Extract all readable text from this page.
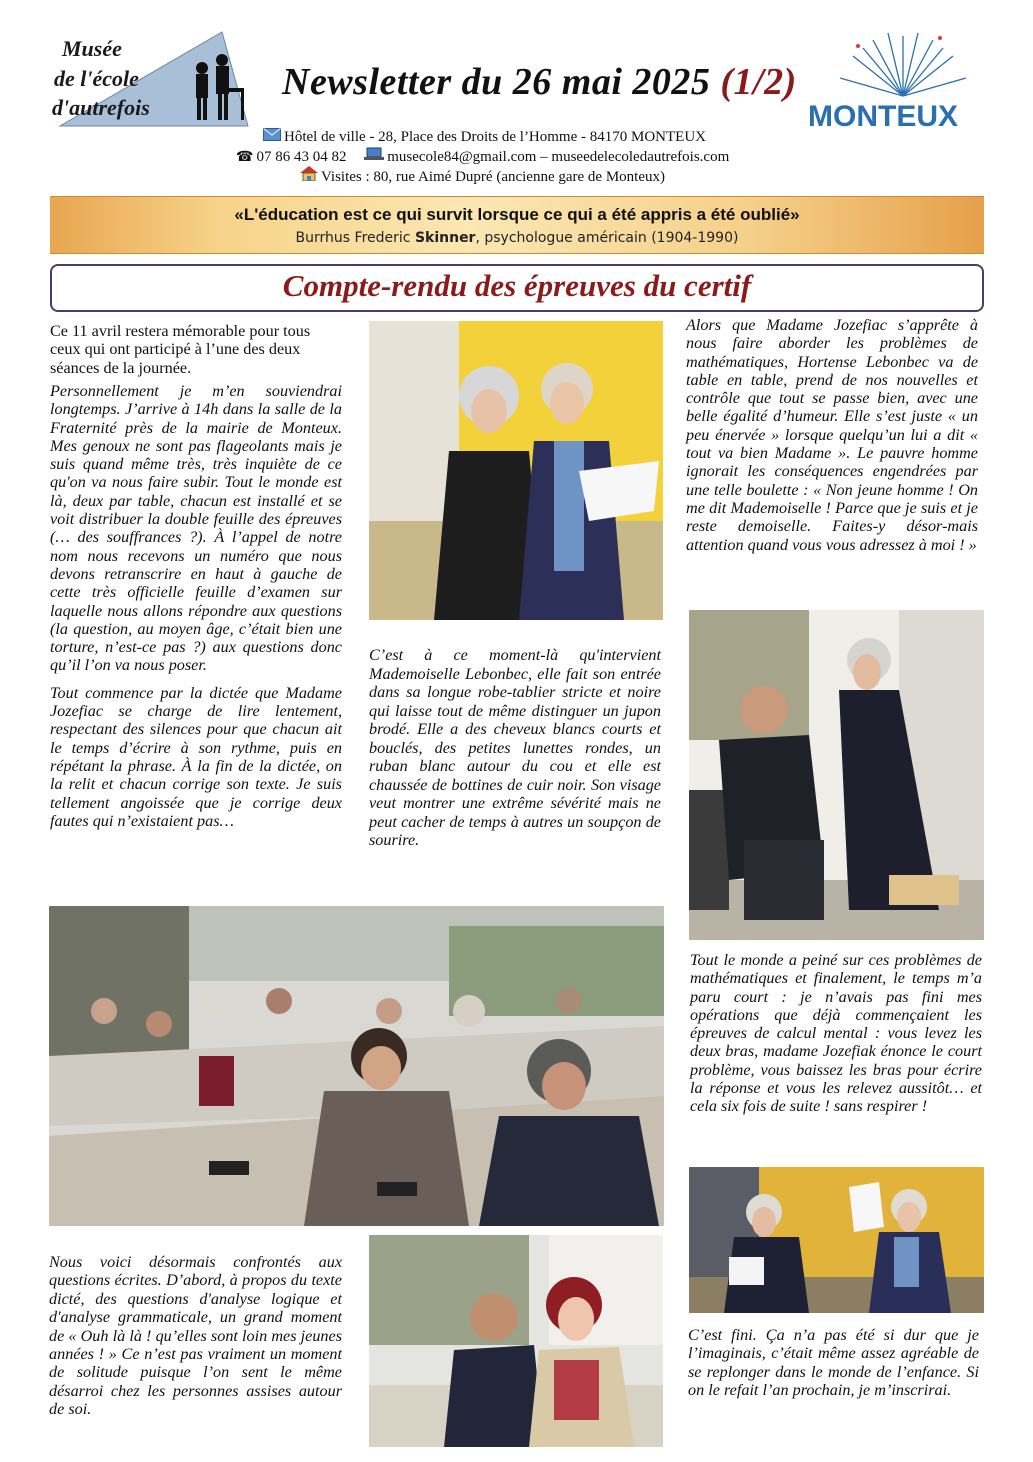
Musée
de l'école
d'autrefois
Newsletter du 26 mai 2025 (1/2)
MONTEUX
Hôtel de ville - 28, Place des Droits de l’Homme - 84170 MONTEUX
☎ 07 86 43 04 82	musecole84@gmail.com – museedelecoledautrefois.com
Visites : 80, rue Aimé Dupré (ancienne gare de Monteux)
«L'éducation est ce qui survit lorsque ce qui a été appris a été oublié»
Burrhus Frederic Skinner, psychologue américain (1904-1990)
Compte-rendu des épreuves du certif

Ce 11 avril restera mémorable pour tous ceux qui ont participé à l’une des deux séances de la journée.

Personnellement je m’en souviendrai longtemps. J’arrive à 14h dans la salle de la Fraternité près de la mairie de Monteux. Mes genoux ne sont pas flageolants mais je suis quand même très, très inquiète de ce qu'on va nous faire subir. Tout le monde est là, deux par table, chacun est installé et se voit distribuer la double feuille des épreuves (… des souffrances ?). À l’appel de notre nom nous recevons un numéro que nous devons retranscrire en haut à gauche de cette très officielle feuille d’examen sur laquelle nous allons répondre aux questions (la question, au moyen âge, c’était bien une torture, n’est-ce pas ?) aux questions donc qu’il l’on va nous poser.

Tout commence par la dictée que Madame Jozefiac se charge de lire lentement, respectant des silences pour que chacun ait le temps d’écrire à son rythme, puis en répétant la phrase. À la fin de la dictée, on la relit et chacun corrige son texte. Je suis tellement angoissée que je corrige deux fautes qui n’existaient pas…

C’est à ce moment-là qu'intervient Mademoiselle Lebonbec, elle fait son entrée dans sa longue robe-tablier stricte et noire qui laisse tout de même distinguer un jupon brodé. Elle a des cheveux blancs courts et bouclés, des petites lunettes rondes, un ruban blanc autour du cou et elle est chaussée de bottines de cuir noir. Son visage veut montrer une extrême sévérité mais ne peut cacher de temps à autres un soupçon de sourire.

Alors que Madame Jozefiac s’apprête à nous faire aborder les problèmes de mathématiques, Hortense Lebonbec va de table en table, prend de nos nouvelles et contrôle que tout se passe bien, avec une belle égalité d’humeur. Elle s’est juste « un peu énervée » lorsque quelqu’un lui a dit « tout va bien Madame ». Le pauvre homme ignorait les conséquences engendrées par une telle boulette : « Non jeune homme ! On me dit Mademoiselle ! Parce que je suis et je reste demoiselle. Faites-y désor-mais attention quand vous vous adressez à moi ! »

Tout le monde a peiné sur ces problèmes de mathématiques et finalement, le temps m’a paru court : je n’avais pas fini mes opérations que déjà commençaient les épreuves de calcul mental : vous levez les deux bras, madame Jozefiak énonce le court problème, vous baissez les bras pour écrire la réponse et vous les relevez aussitôt… et cela six fois de suite ! sans respirer !

Nous voici désormais confrontés aux questions écrites. D’abord, à propos du texte dicté, des questions d'analyse logique et d'analyse grammaticale, un grand moment de « Ouh là là ! qu’elles sont loin mes jeunes années ! » Ce n’est pas vraiment un moment de solitude puisque l’on sent le même désarroi chez les personnes assises autour de soi.

C’est fini. Ça n’a pas été si dur que je l’imaginais, c’était même assez agréable de se replonger dans le monde de l’enfance. Si on le refait l’an prochain, je m’inscrirai.
